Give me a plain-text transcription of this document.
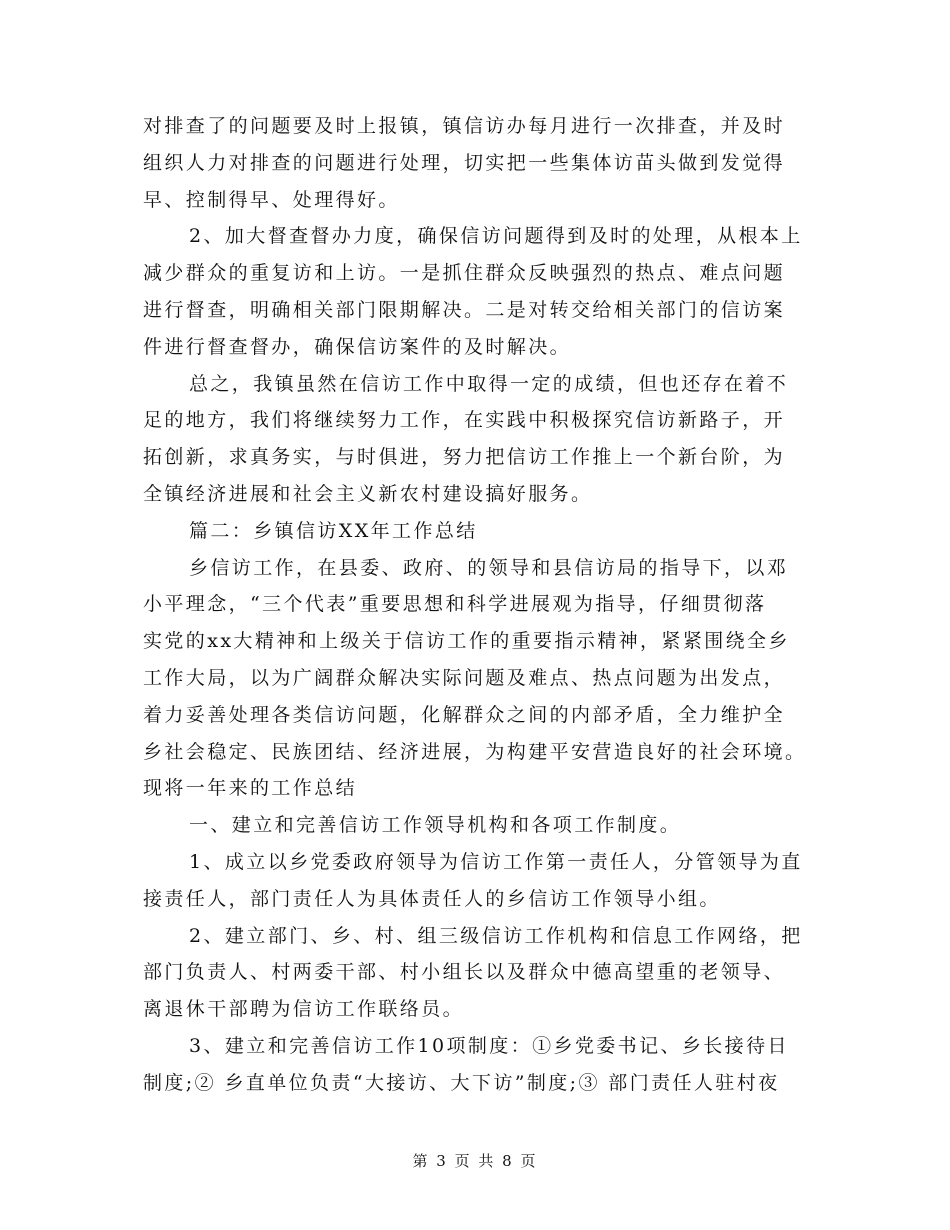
对排查了的问题要及时上报镇，镇信访办每月进行一次排查，并及时
组织人力对排查的问题进行处理，切实把一些集体访苗头做到发觉得
早、控制得早、处理得好。
2、加大督查督办力度，确保信访问题得到及时的处理，从根本上
减少群众的重复访和上访。一是抓住群众反映强烈的热点、难点问题
进行督查，明确相关部门限期解决。二是对转交给相关部门的信访案
件进行督查督办，确保信访案件的及时解决。
总之，我镇虽然在信访工作中取得一定的成绩，但也还存在着不
足的地方，我们将继续努力工作，在实践中积极探究信访新路子，开
拓创新，求真务实，与时俱进，努力把信访工作推上一个新台阶，为
全镇经济进展和社会主义新农村建设搞好服务。
篇二：乡镇信访XX年工作总结
乡信访工作，在县委、政府、的领导和县信访局的指导下，以邓
小平理念，“三个代表”重要思想和科学进展观为指导，仔细贯彻落
实党的xx大精神和上级关于信访工作的重要指示精神，紧紧围绕全乡
工作大局，以为广阔群众解决实际问题及难点、热点问题为出发点，
着力妥善处理各类信访问题，化解群众之间的内部矛盾，全力维护全
乡社会稳定、民族团结、经济进展，为构建平安营造良好的社会环境。
现将一年来的工作总结
一、建立和完善信访工作领导机构和各项工作制度。
1、成立以乡党委政府领导为信访工作第一责任人，分管领导为直
接责任人，部门责任人为具体责任人的乡信访工作领导小组。
2、建立部门、乡、村、组三级信访工作机构和信息工作网络，把
部门负责人、村两委干部、村小组长以及群众中德高望重的老领导、
离退休干部聘为信访工作联络员。
3、建立和完善信访工作10项制度：①乡党委书记、乡长接待日
制度;② 乡直单位负责“大接访、大下访”制度;③ 部门责任人驻村夜
第 3 页 共 8 页
